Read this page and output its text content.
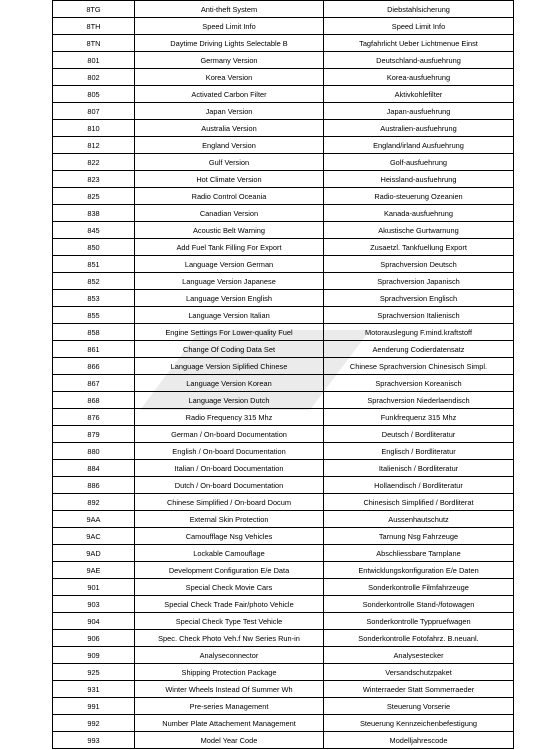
8TG	Anti-theft System	Diebstahlsicherung
8TH	Speed Limit Info	Speed Limit Info
8TN	Daytime Driving Lights Selectable B	Tagfahrlicht Ueber Lichtmenue Einst
801	Germany Version	Deutschland-ausfuehrung
802	Korea Version	Korea-ausfuehrung
805	Activated Carbon Filter	Aktivkohlefilter
807	Japan Version	Japan-ausfuehrung
810	Australia Version	Australien-ausfuehrung
812	England Version	England/irland Ausfuehrung
822	Gulf Version	Golf-ausfuehrung
823	Hot Climate Version	Heissland-ausfuehrung
825	Radio Control Oceania	Radio-steuerung Ozeanien
838	Canadian Version	Kanada-ausfuehrung
845	Acoustic Belt Warning	Akustische Gurtwarnung
850	Add Fuel Tank Filling For Export	Zusaetzl. Tankfuellung Export
851	Language Version German	Sprachversion Deutsch
852	Language Version Japanese	Sprachversion Japanisch
853	Language Version English	Sprachversion Englisch
855	Language Version Italian	Sprachversion Italienisch
858	Engine Settings For Lower-quality Fuel	Motorauslegung F.mind.kraftstoff
861	Change Of Coding Data Set	Aenderung Codierdatensatz
866	Language Version Siplified Chinese	Chinese Sprachversion Chinesisch Simpl.
867	Language Version Korean	Sprachversion Koreanisch
868	Language Version Dutch	Sprachversion Niederlaendisch
876	Radio Frequency 315 Mhz	Funkfrequenz 315 Mhz
879	German / On-board Documentation	Deutsch / Bordliteratur
880	English / On-board Documentation	Englisch / Bordliteratur
884	Italian / On-board Documentation	Italienisch / Bordliteratur
886	Dutch / On-board Documentation	Hollaendisch / Bordliteratur
892	Chinese Simplified / On-board Docum	Chinesisch Simplified / Bordliterat
9AA	External Skin Protection	Aussenhautschutz
9AC	Camoufflage Nsg Vehicles	Tarnung Nsg Fahrzeuge
9AD	Lockable Camouflage	Abschliessbare Tarnplane
9AE	Development Configuration E/e Data	Entwicklungskonfiguration E/e Daten
901	Special Check Movie Cars	Sonderkontrolle Filmfahrzeuge
903	Special Check Trade Fair/photo Vehicle	Sonderkontrolle Stand-/fotowagen
904	Special Check Type Test Vehicle	Sonderkontrolle Typpruefwagen
906	Spec. Check Photo Veh.f Nw Series Run-in	Sonderkontrolle Fotofahrz. B.neuanl.
909	Analyseconnector	Analysestecker
925	Shipping Protection Package	Versandschutzpaket
931	Winter Wheels Instead Of Summer Wh	Winterraeder Statt Sommerraeder
991	Pre-series Management	Steuerung Vorserie
992	Number Plate Attachement Management	Steuerung Kennzeichenbefestigung
993	Model Year Code	Modelljahrescode
